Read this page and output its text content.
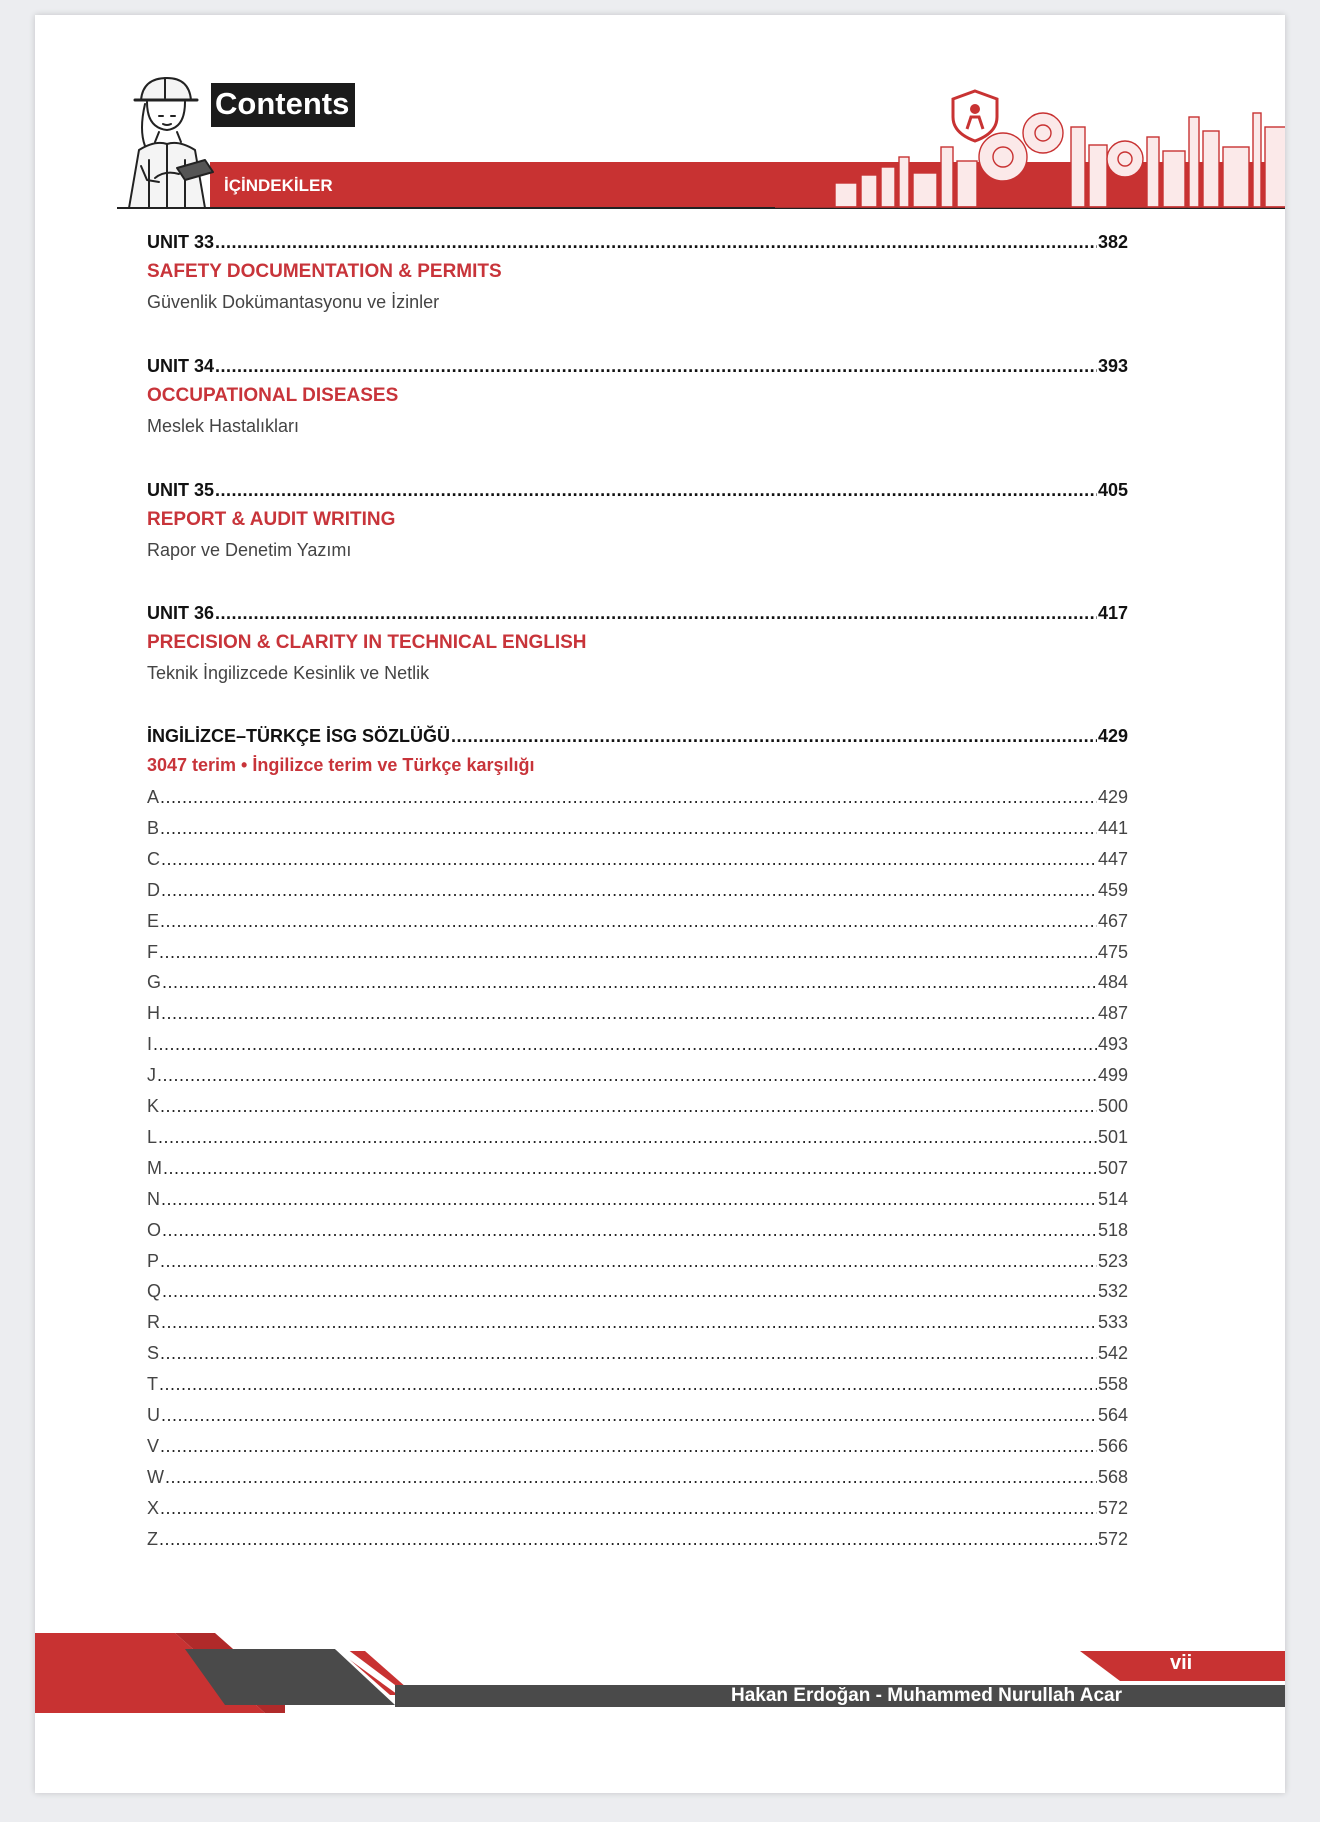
Contents
İÇİNDEKİLER
UNIT 33 .....	382
SAFETY DOCUMENTATION & PERMITS
Güvenlik Dokümantasyonu ve İzinler
UNIT 34 .....	393
OCCUPATIONAL DISEASES
Meslek Hastalıkları
UNIT 35 .....	405
REPORT & AUDIT WRITING
Rapor ve Denetim Yazımı
UNIT 36 .....	417
PRECISION & CLARITY IN TECHNICAL ENGLISH
Teknik İngilizcede Kesinlik ve Netlik
İNGİLİZCE–TÜRKÇE İSG SÖZLÜĞÜ .....	429
3047 terim • İngilizce terim ve Türkçe karşılığı
A .....	429
B .....	441
C .....	447
D .....	459
E .....	467
F .....	475
G .....	484
H .....	487
I .....	493
J .....	499
K .....	500
L .....	501
M .....	507
N .....	514
O .....	518
P .....	523
Q .....	532
R .....	533
S .....	542
T .....	558
U .....	564
V .....	566
W .....	568
X .....	572
Z .....	572
vii
Hakan Erdoğan - Muhammed Nurullah Acar
